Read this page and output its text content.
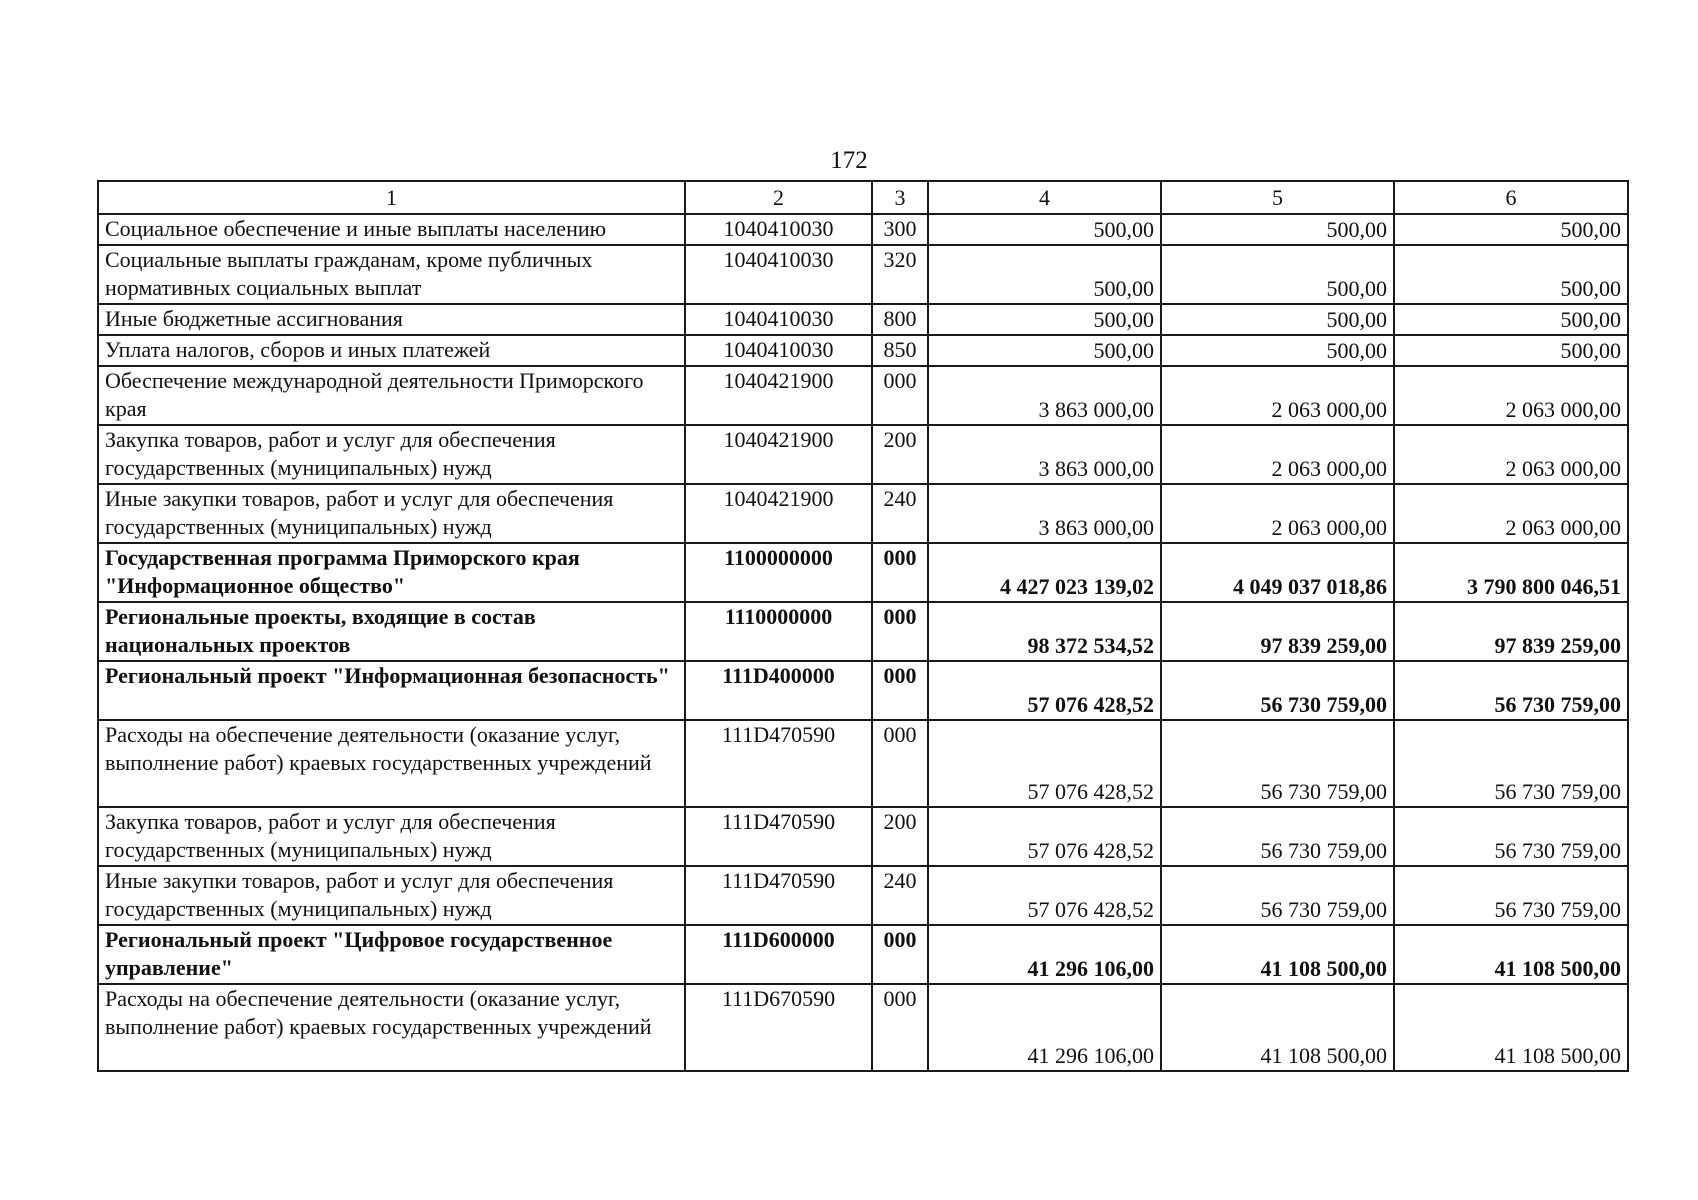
172
1	2	3	4	5	6
Социальное обеспечение и иные выплаты населению	1040410030	300	500,00	500,00	500,00
Социальные выплаты гражданам, кроме публичных нормативных социальных выплат	1040410030	320	500,00	500,00	500,00
Иные бюджетные ассигнования	1040410030	800	500,00	500,00	500,00
Уплата налогов, сборов и иных платежей	1040410030	850	500,00	500,00	500,00
Обеспечение международной деятельности Приморского края	1040421900	000	3 863 000,00	2 063 000,00	2 063 000,00
Закупка товаров, работ и услуг для обеспечения государственных (муниципальных) нужд	1040421900	200	3 863 000,00	2 063 000,00	2 063 000,00
Иные закупки товаров, работ и услуг для обеспечения государственных (муниципальных) нужд	1040421900	240	3 863 000,00	2 063 000,00	2 063 000,00
Государственная программа Приморского края "Информационное общество"	1100000000	000	4 427 023 139,02	4 049 037 018,86	3 790 800 046,51
Региональные проекты, входящие в состав национальных проектов	1110000000	000	98 372 534,52	97 839 259,00	97 839 259,00
Региональный проект "Информационная безопасность"	111D400000	000	57 076 428,52	56 730 759,00	56 730 759,00
Расходы на обеспечение деятельности (оказание услуг, выполнение работ) краевых государственных учреждений	111D470590	000	57 076 428,52	56 730 759,00	56 730 759,00
Закупка товаров, работ и услуг для обеспечения государственных (муниципальных) нужд	111D470590	200	57 076 428,52	56 730 759,00	56 730 759,00
Иные закупки товаров, работ и услуг для обеспечения государственных (муниципальных) нужд	111D470590	240	57 076 428,52	56 730 759,00	56 730 759,00
Региональный проект "Цифровое государственное управление"	111D600000	000	41 296 106,00	41 108 500,00	41 108 500,00
Расходы на обеспечение деятельности (оказание услуг, выполнение работ) краевых государственных учреждений	111D670590	000	41 296 106,00	41 108 500,00	41 108 500,00
